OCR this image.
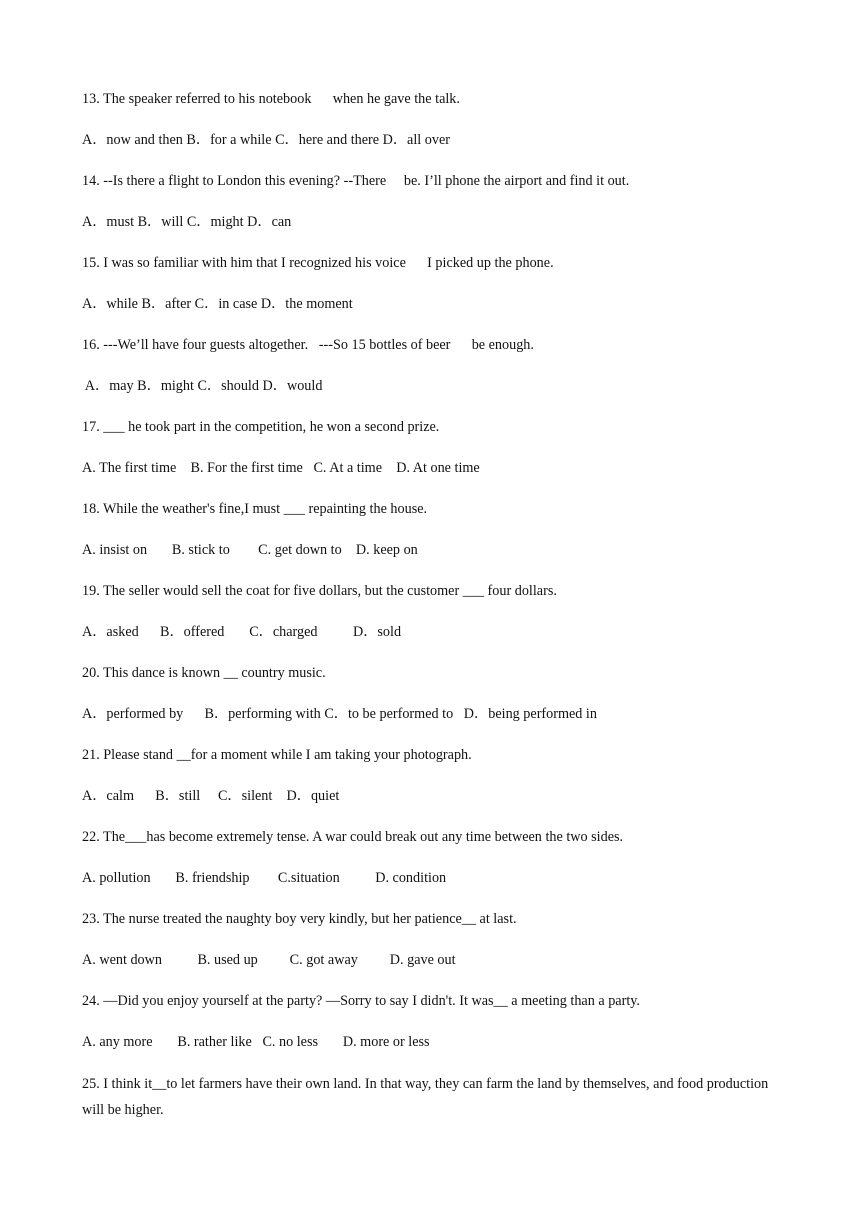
13. The speaker referred to his notebook      when he gave the talk.
A．now and then B．for a while C．here and there D．all over
14. --Is there a flight to London this evening? --There     be. I’ll phone the airport and find it out.
A．must B．will C．might D．can
15. I was so familiar with him that I recognized his voice      I picked up the phone.
A．while B．after C．in case D．the moment
16. ---We’ll have four guests altogether.   ---So 15 bottles of beer      be enough.
A．may B．might C．should D．would
17. ___ he took part in the competition, he won a second prize.
A. The first time    B. For the first time   C. At a time    D. At one time
18. While the weather's fine,I must ___ repainting the house.
A. insist on       B. stick to        C. get down to    D. keep on
19. The seller would sell the coat for five dollars, but the customer ___ four dollars.
A．asked      B．offered       C．charged          D．sold
20. This dance is known __ country music.
A．performed by      B．performing with C．to be performed to   D．being performed in
21. Please stand __for a moment while I am taking your photograph.
A．calm      B．still     C．silent    D．quiet
22. The___has become extremely tense. A war could break out any time between the two sides.
A. pollution       B. friendship        C.situation          D. condition
23. The nurse treated the naughty boy very kindly, but her patience__ at last.
A. went down          B. used up         C. got away         D. gave out
24. —Did you enjoy yourself at the party? —Sorry to say I didn't. It was__ a meeting than a party.
A. any more       B. rather like   C. no less       D. more or less
25. I think it__to let farmers have their own land. In that way, they can farm the land by themselves, and food production will be higher.
